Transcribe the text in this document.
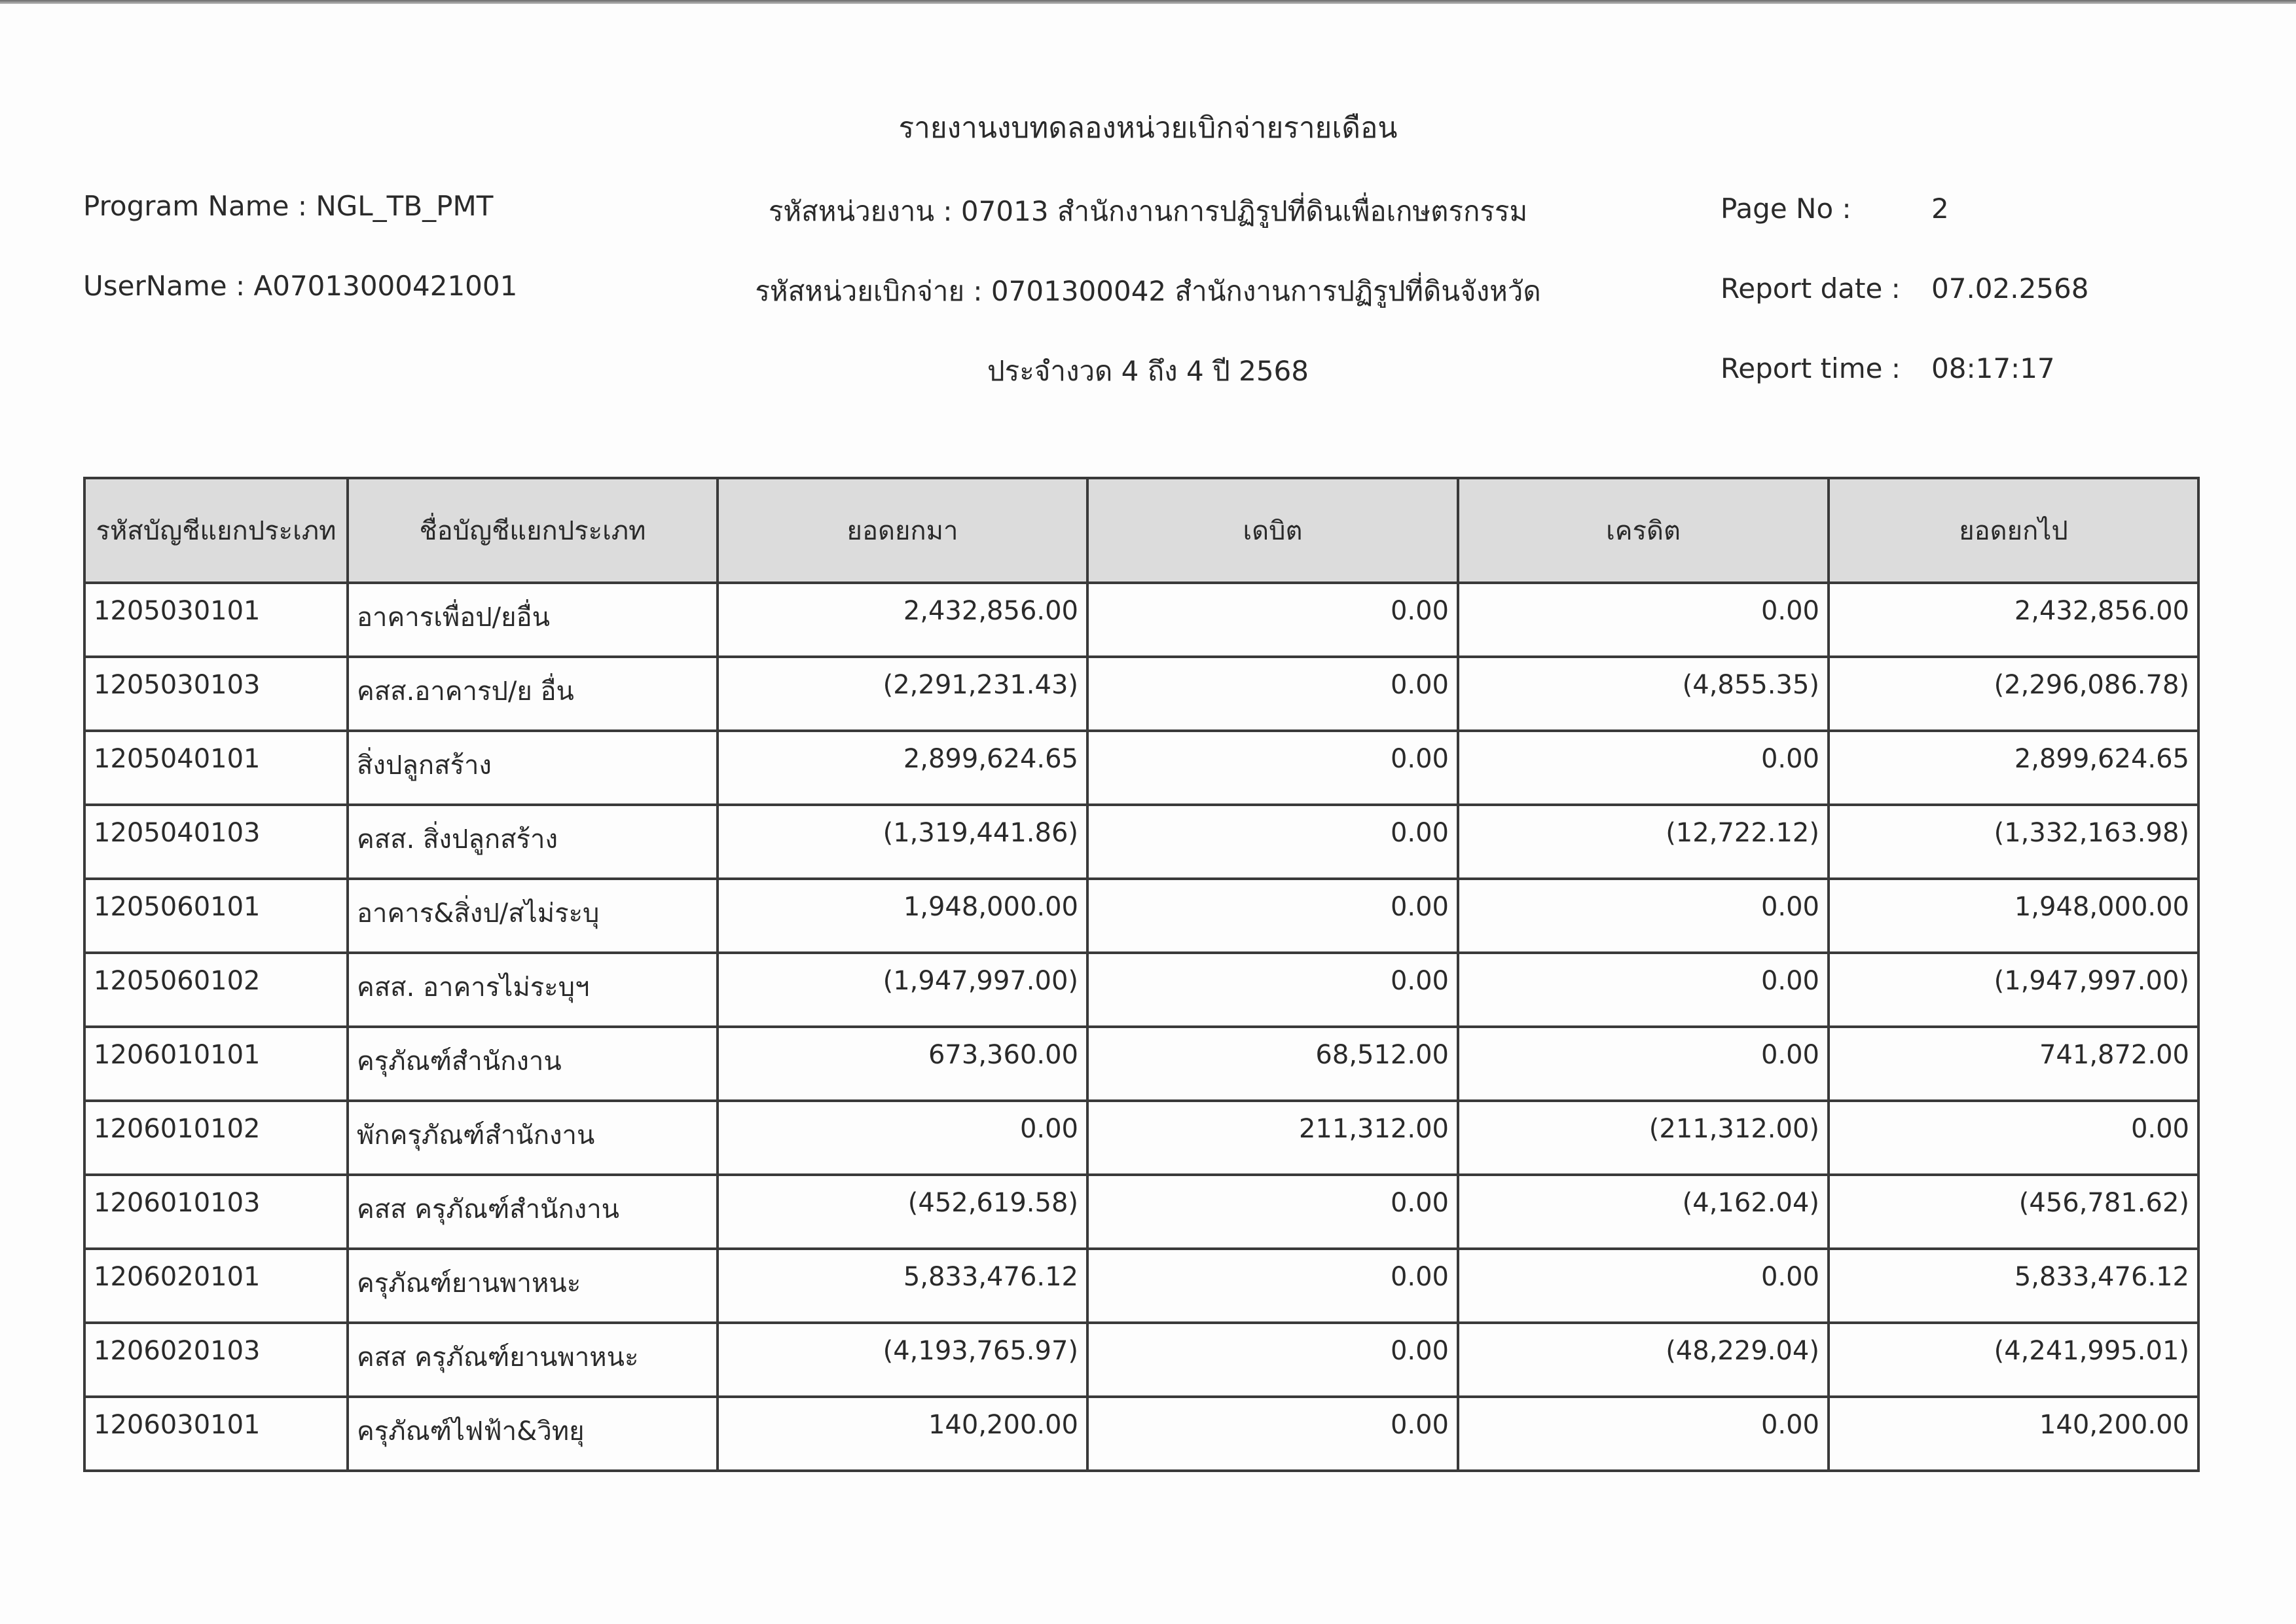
รายงานงบทดลองหน่วยเบิกจ่ายรายเดือน
Program Name : NGL_TB_PMT
UserName : A07013000421001
รหัสหน่วยงาน : 07013 สำนักงานการปฏิรูปที่ดินเพื่อเกษตรกรรม
รหัสหน่วยเบิกจ่าย : 0701300042 สำนักงานการปฏิรูปที่ดินจังหวัด
ประจำงวด 4 ถึง 4 ปี 2568
Page No :	2
Report date : 07.02.2568
Report time : 08:17:17
รหัสบัญชีแยกประเภท	ชื่อบัญชีแยกประเภท	ยอดยกมา	เดบิต	เครดิต	ยอดยกไป
1205030101	อาคารเพื่อป/ยอื่น	2,432,856.00	0.00	0.00	2,432,856.00
1205030103	คสส.อาคารป/ย อื่น	(2,291,231.43)	0.00	(4,855.35)	(2,296,086.78)
1205040101	สิ่งปลูกสร้าง	2,899,624.65	0.00	0.00	2,899,624.65
1205040103	คสส. สิ่งปลูกสร้าง	(1,319,441.86)	0.00	(12,722.12)	(1,332,163.98)
1205060101	อาคาร&สิ่งป/สไม่ระบุ	1,948,000.00	0.00	0.00	1,948,000.00
1205060102	คสส. อาคารไม่ระบุฯ	(1,947,997.00)	0.00	0.00	(1,947,997.00)
1206010101	ครุภัณฑ์สำนักงาน	673,360.00	68,512.00	0.00	741,872.00
1206010102	พักครุภัณฑ์สำนักงาน	0.00	211,312.00	(211,312.00)	0.00
1206010103	คสส ครุภัณฑ์สำนักงาน	(452,619.58)	0.00	(4,162.04)	(456,781.62)
1206020101	ครุภัณฑ์ยานพาหนะ	5,833,476.12	0.00	0.00	5,833,476.12
1206020103	คสส ครุภัณฑ์ยานพาหนะ	(4,193,765.97)	0.00	(48,229.04)	(4,241,995.01)
1206030101	ครุภัณฑ์ไฟฟ้า&วิทยุ	140,200.00	0.00	0.00	140,200.00
